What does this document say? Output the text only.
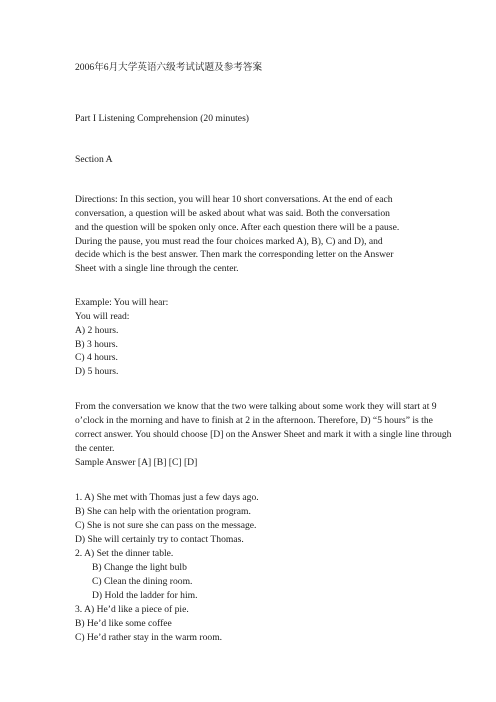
2006年6月大学英语六级考试试题及参考答案
Part I Listening Comprehension (20 minutes)
Section A
Directions: In this section, you will hear 10 short conversations. At the end of each
conversation, a question will be asked about what was said. Both the conversation
and the question will be spoken only once. After each question there will be a pause.
During the pause, you must read the four choices marked A), B), C) and D), and
decide which is the best answer. Then mark the corresponding letter on the Answer
Sheet with a single line through the center.
Example: You will hear:
You will read:
A) 2 hours.
B) 3 hours.
C) 4 hours.
D) 5 hours.
From the conversation we know that the two were talking about some work they will start at 9
o’clock in the morning and have to finish at 2 in the afternoon. Therefore, D) “5 hours” is the
correct answer. You should choose [D] on the Answer Sheet and mark it with a single line through
the center.
Sample Answer [A] [B] [C] [D]
1. A) She met with Thomas just a few days ago.
B) She can help with the orientation program.
C) She is not sure she can pass on the message.
D) She will certainly try to contact Thomas.
2. A) Set the dinner table.
B) Change the light bulb
C) Clean the dining room.
D) Hold the ladder for him.
3. A) He’d like a piece of pie.
B) He’d like some coffee
C) He’d rather stay in the warm room.
